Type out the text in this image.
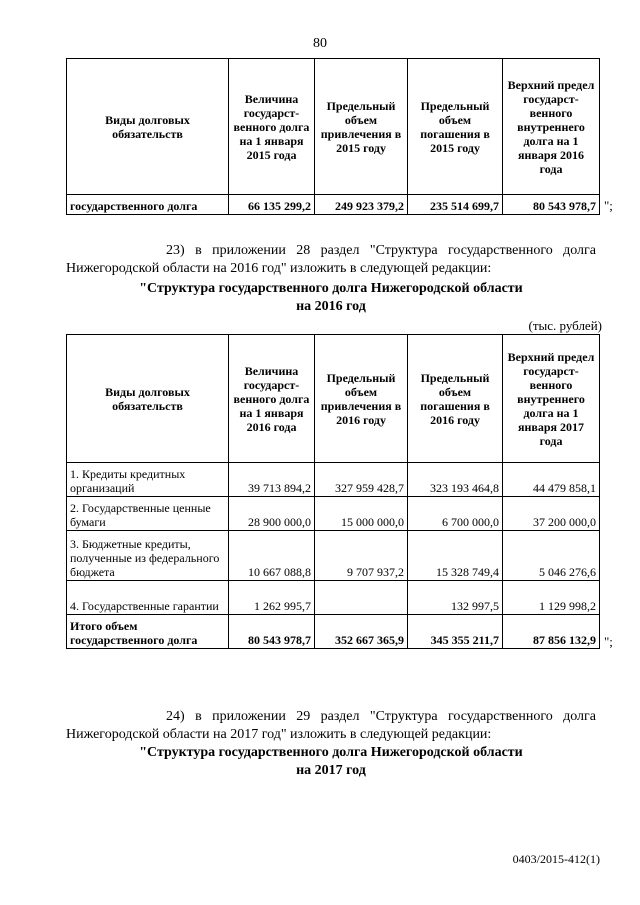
80
Виды долговых обязательств	Величина государст-венного долга на 1 января 2015 года	Предельный объем привлечения в 2015 году	Предельный объем погашения в 2015 году	Верхний предел государст-венного внутреннего долга на 1 января 2016 года
государственного долга	66 135 299,2	249 923 379,2	235 514 699,7	80 543 978,7 ";
23) в приложении 28 раздел "Структура государственного долга Нижегородской области на 2016 год" изложить в следующей редакции:
"Структура государственного долга Нижегородской области
на 2016 год
(тыс. рублей)
Виды долговых обязательств	Величина государст-венного долга на 1 января 2016 года	Предельный объем привлечения в 2016 году	Предельный объем погашения в 2016 году	Верхний предел государст-венного внутреннего долга на 1 января 2017 года
1. Кредиты кредитных организаций	39 713 894,2	327 959 428,7	323 193 464,8	44 479 858,1
2. Государственные ценные бумаги	28 900 000,0	15 000 000,0	6 700 000,0	37 200 000,0
3. Бюджетные кредиты, полученные из федерального бюджета	10 667 088,8	9 707 937,2	15 328 749,4	5 046 276,6
4. Государственные гарантии	1 262 995,7		132 997,5	1 129 998,2
Итого объем государственного долга	80 543 978,7	352 667 365,9	345 355 211,7	87 856 132,9 ";
24) в приложении 29 раздел "Структура государственного долга Нижегородской области на 2017 год" изложить в следующей редакции:
"Структура государственного долга Нижегородской области
на 2017 год
0403/2015-412(1)
